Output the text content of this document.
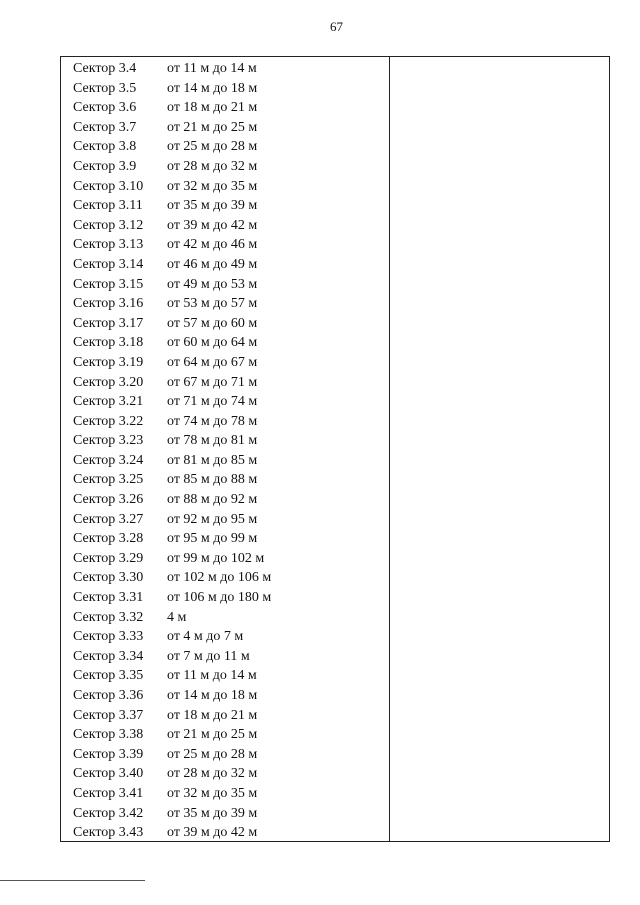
67
Сектор 3.4 от 11 м до 14 м
Сектор 3.5 от 14 м до 18 м
Сектор 3.6 от 18 м до 21 м
Сектор 3.7 от 21 м до 25 м
Сектор 3.8 от 25 м до 28 м
Сектор 3.9 от 28 м до 32 м
Сектор 3.10 от 32 м до 35 м
Сектор 3.11 от 35 м до 39 м
Сектор 3.12 от 39 м до 42 м
Сектор 3.13 от 42 м до 46 м
Сектор 3.14 от 46 м до 49 м
Сектор 3.15 от 49 м до 53 м
Сектор 3.16 от 53 м до 57 м
Сектор 3.17 от 57 м до 60 м
Сектор 3.18 от 60 м до 64 м
Сектор 3.19 от 64 м до 67 м
Сектор 3.20 от 67 м до 71 м
Сектор 3.21 от 71 м до 74 м
Сектор 3.22 от 74 м до 78 м
Сектор 3.23 от 78 м до 81 м
Сектор 3.24 от 81 м до 85 м
Сектор 3.25 от 85 м до 88 м
Сектор 3.26 от 88 м до 92 м
Сектор 3.27 от 92 м до 95 м
Сектор 3.28 от 95 м до 99 м
Сектор 3.29 от 99 м до 102 м
Сектор 3.30 от 102 м до 106 м
Сектор 3.31 от 106 м до 180 м
Сектор 3.32 4 м
Сектор 3.33 от 4 м до 7 м
Сектор 3.34 от 7 м до 11 м
Сектор 3.35 от 11 м до 14 м
Сектор 3.36 от 14 м до 18 м
Сектор 3.37 от 18 м до 21 м
Сектор 3.38 от 21 м до 25 м
Сектор 3.39 от 25 м до 28 м
Сектор 3.40 от 28 м до 32 м
Сектор 3.41 от 32 м до 35 м
Сектор 3.42 от 35 м до 39 м
Сектор 3.43 от 39 м до 42 м
